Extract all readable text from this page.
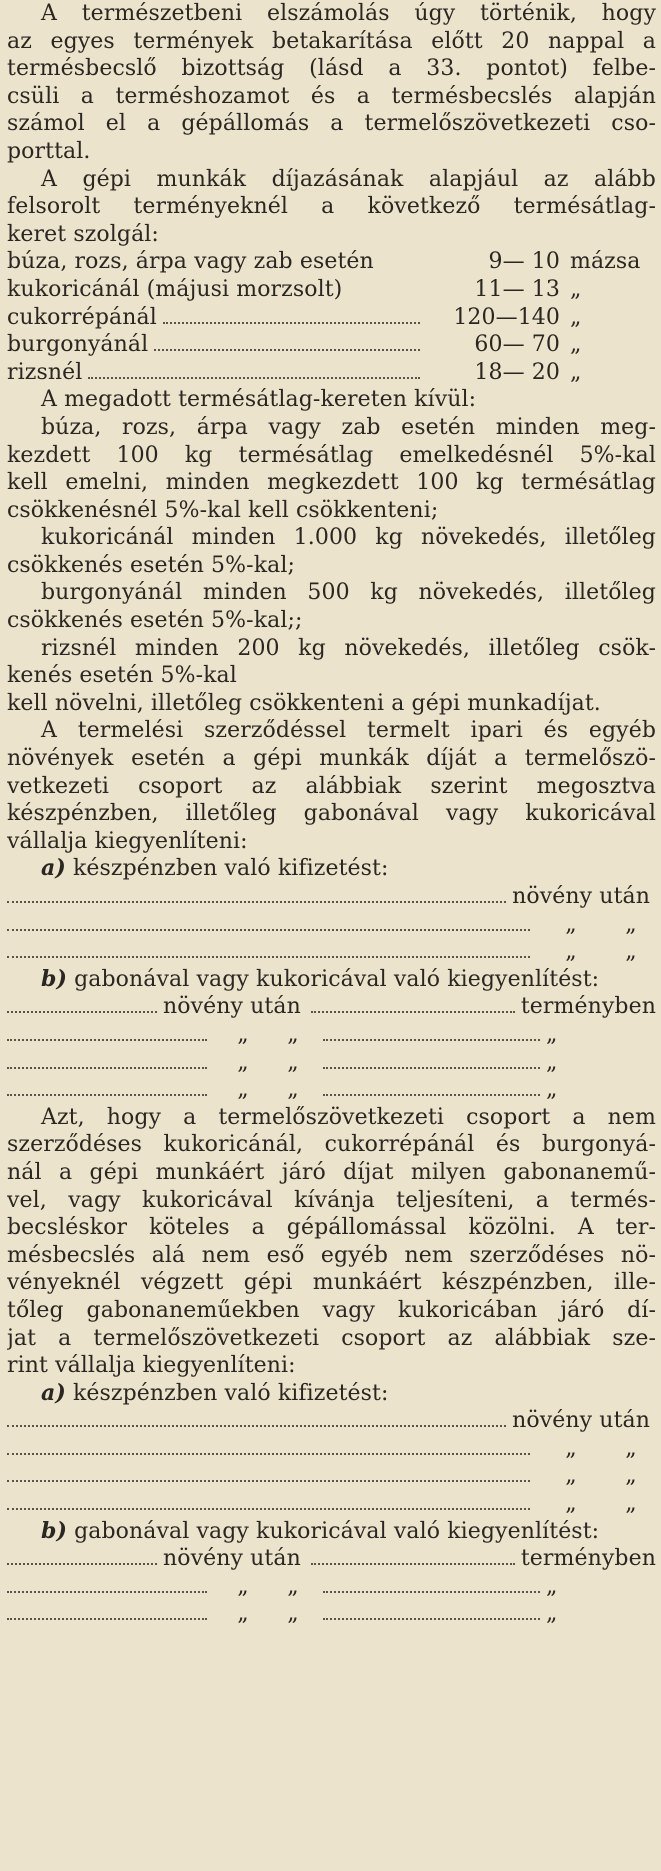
A természetbeni elszámolás úgy történik, hogy
az egyes termények betakarítása előtt 20 nappal a
termésbecslő bizottság (lásd a 33. pontot) felbe-
csüli a terméshozamot és a termésbecslés alapján
számol el a gépállomás a termelőszövetkezeti cso-
porttal.
A gépi munkák díjazásának alapjául az alább
felsorolt terményeknél a következő termésátlag-
keret szolgál:
búza, rozs, árpa vagy zab esetén	9— 10 mázsa
kukoricánál (májusi morzsolt)	11— 13 „
cukorrépánál	120—140 „
burgonyánál	60— 70 „
rizsnél	18— 20 „
A megadott termésátlag-kereten kívül:
búza, rozs, árpa vagy zab esetén minden meg-
kezdett 100 kg termésátlag emelkedésnél 5%-kal
kell emelni, minden megkezdett 100 kg termésátlag
csökkenésnél 5%-kal kell csökkenteni;
kukoricánál minden 1.000 kg növekedés, illetőleg
csökkenés esetén 5%-kal;
burgonyánál minden 500 kg növekedés, illetőleg
csökkenés esetén 5%-kal;;
rizsnél minden 200 kg növekedés, illetőleg csök-
kenés esetén 5%-kal
kell növelni, illetőleg csökkenteni a gépi munkadíjat.
A termelési szerződéssel termelt ipari és egyéb
növények esetén a gépi munkák díját a termelőszö-
vetkezeti csoport az alábbiak szerint megosztva
készpénzben, illetőleg gabonával vagy kukoricával
vállalja kiegyenlíteni:
a) készpénzben való kifizetést:
növény után
„	„
„	„
b) gabonával vagy kukoricával való kiegyenlítést:
növény után	terményben
„	„	„
„	„	„
„	„	„
Azt, hogy a termelőszövetkezeti csoport a nem
szerződéses kukoricánál, cukorrépánál és burgonyá-
nál a gépi munkáért járó díjat milyen gabonanemű-
vel, vagy kukoricával kívánja teljesíteni, a termés-
becsléskor köteles a gépállomással közölni. A ter-
mésbecslés alá nem eső egyéb nem szerződéses nö-
vényeknél végzett gépi munkáért készpénzben, ille-
tőleg gabonaneműekben vagy kukoricában járó dí-
jat a termelőszövetkezeti csoport az alábbiak sze-
rint vállalja kiegyenlíteni:
a) készpénzben való kifizetést:
növény után
„	„
„	„
„	„
b) gabonával vagy kukoricával való kiegyenlítést:
növény után	terményben
„	„	„
„	„	„
